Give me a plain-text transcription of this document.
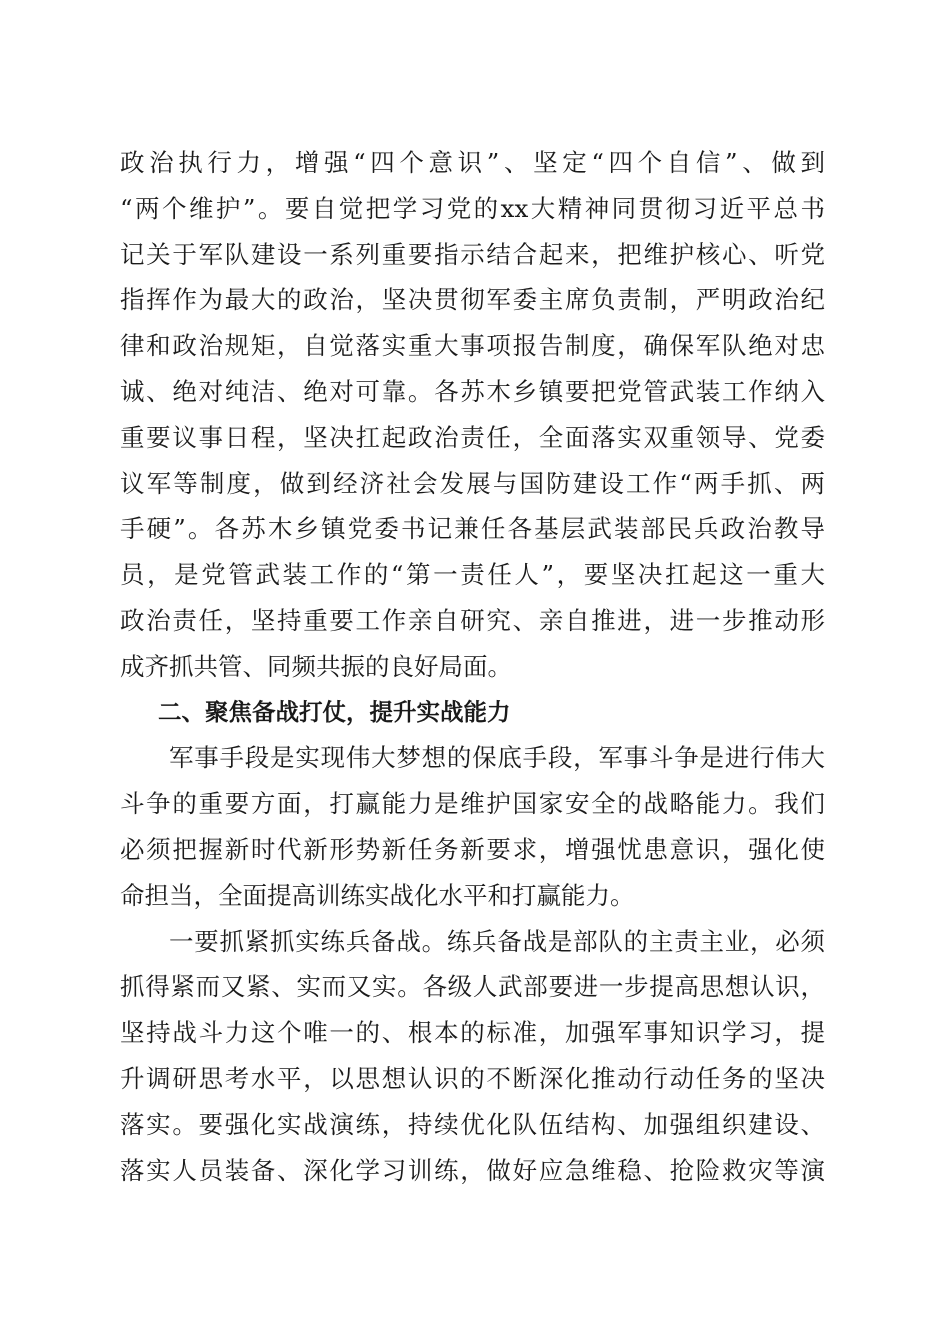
政治执行力，增强“四个意识”、坚定“四个自信”、做到
“两个维护”。要自觉把学习党的xx大精神同贯彻习近平总书
记关于军队建设一系列重要指示结合起来，把维护核心、听党
指挥作为最大的政治，坚决贯彻军委主席负责制，严明政治纪
律和政治规矩，自觉落实重大事项报告制度，确保军队绝对忠
诚、绝对纯洁、绝对可靠。各苏木乡镇要把党管武装工作纳入
重要议事日程，坚决扛起政治责任，全面落实双重领导、党委
议军等制度，做到经济社会发展与国防建设工作“两手抓、两
手硬”。各苏木乡镇党委书记兼任各基层武装部民兵政治教导
员，是党管武装工作的“第一责任人”，要坚决扛起这一重大
政治责任，坚持重要工作亲自研究、亲自推进，进一步推动形
成齐抓共管、同频共振的良好局面。
二、聚焦备战打仗，提升实战能力
军事手段是实现伟大梦想的保底手段，军事斗争是进行伟大
斗争的重要方面，打赢能力是维护国家安全的战略能力。我们
必须把握新时代新形势新任务新要求，增强忧患意识，强化使
命担当，全面提高训练实战化水平和打赢能力。
一要抓紧抓实练兵备战。练兵备战是部队的主责主业，必须
抓得紧而又紧、实而又实。各级人武部要进一步提高思想认识，
坚持战斗力这个唯一的、根本的标准，加强军事知识学习，提
升调研思考水平，以思想认识的不断深化推动行动任务的坚决
落实。要强化实战演练，持续优化队伍结构、加强组织建设、
落实人员装备、深化学习训练，做好应急维稳、抢险救灾等演
